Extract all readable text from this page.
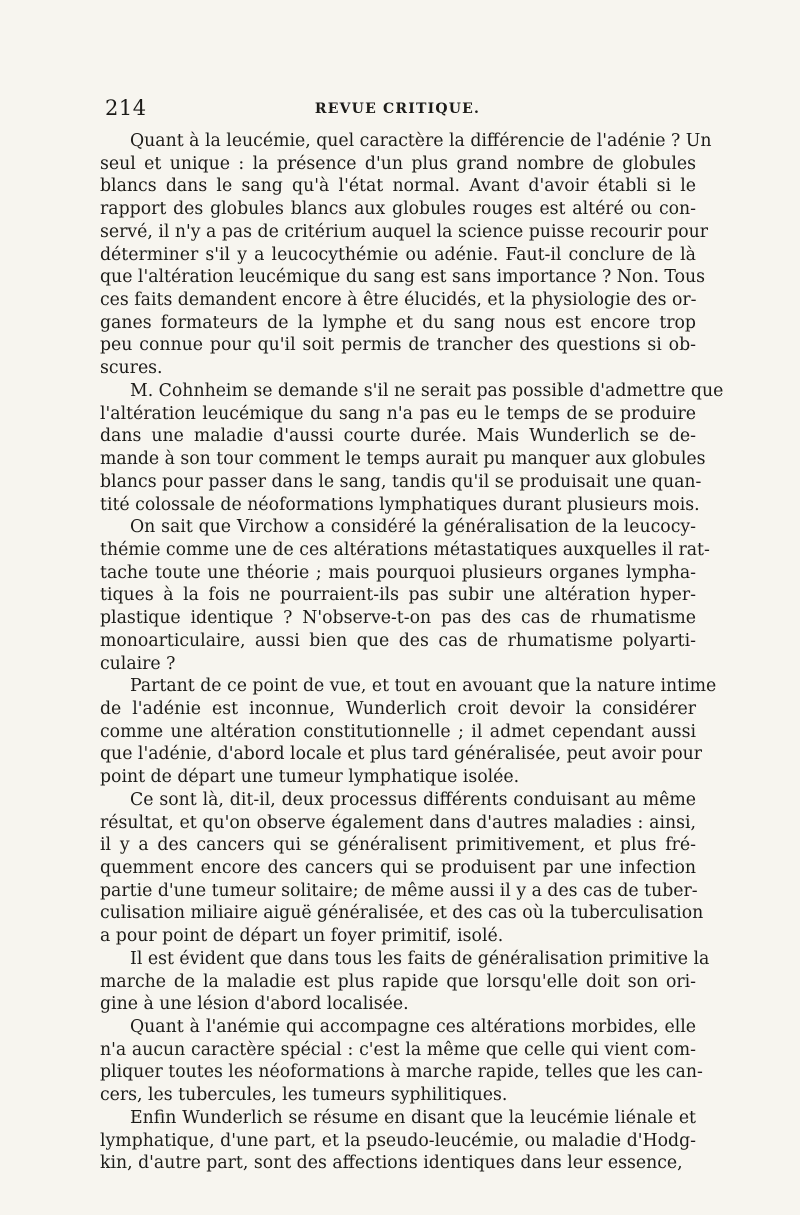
214	REVUE CRITIQUE.
Quant à la leucémie, quel caractère la différencie de l'adénie ? Un
seul et unique : la présence d'un plus grand nombre de globules
blancs dans le sang qu'à l'état normal. Avant d'avoir établi si le
rapport des globules blancs aux globules rouges est altéré ou con-
servé, il n'y a pas de critérium auquel la science puisse recourir pour
déterminer s'il y a leucocythémie ou adénie. Faut-il conclure de là
que l'altération leucémique du sang est sans importance ? Non. Tous
ces faits demandent encore à être élucidés, et la physiologie des or-
ganes formateurs de la lymphe et du sang nous est encore trop
peu connue pour qu'il soit permis de trancher des questions si ob-
scures.
M. Cohnheim se demande s'il ne serait pas possible d'admettre que
l'altération leucémique du sang n'a pas eu le temps de se produire
dans une maladie d'aussi courte durée. Mais Wunderlich se de-
mande à son tour comment le temps aurait pu manquer aux globules
blancs pour passer dans le sang, tandis qu'il se produisait une quan-
tité colossale de néoformations lymphatiques durant plusieurs mois.
On sait que Virchow a considéré la généralisation de la leucocy-
thémie comme une de ces altérations métastatiques auxquelles il rat-
tache toute une théorie ; mais pourquoi plusieurs organes lympha-
tiques à la fois ne pourraient-ils pas subir une altération hyper-
plastique identique ? N'observe-t-on pas des cas de rhumatisme
monoarticulaire, aussi bien que des cas de rhumatisme polyarti-
culaire ?
Partant de ce point de vue, et tout en avouant que la nature intime
de l'adénie est inconnue, Wunderlich croit devoir la considérer
comme une altération constitutionnelle ; il admet cependant aussi
que l'adénie, d'abord locale et plus tard généralisée, peut avoir pour
point de départ une tumeur lymphatique isolée.
Ce sont là, dit-il, deux processus différents conduisant au même
résultat, et qu'on observe également dans d'autres maladies : ainsi,
il y a des cancers qui se généralisent primitivement, et plus fré-
quemment encore des cancers qui se produisent par une infection
partie d'une tumeur solitaire; de même aussi il y a des cas de tuber-
culisation miliaire aiguë généralisée, et des cas où la tuberculisation
a pour point de départ un foyer primitif, isolé.
Il est évident que dans tous les faits de généralisation primitive la
marche de la maladie est plus rapide que lorsqu'elle doit son ori-
gine à une lésion d'abord localisée.
Quant à l'anémie qui accompagne ces altérations morbides, elle
n'a aucun caractère spécial : c'est la même que celle qui vient com-
pliquer toutes les néoformations à marche rapide, telles que les can-
cers, les tubercules, les tumeurs syphilitiques.
Enfin Wunderlich se résume en disant que la leucémie liénale et
lymphatique, d'une part, et la pseudo-leucémie, ou maladie d'Hodg-
kin, d'autre part, sont des affections identiques dans leur essence,
